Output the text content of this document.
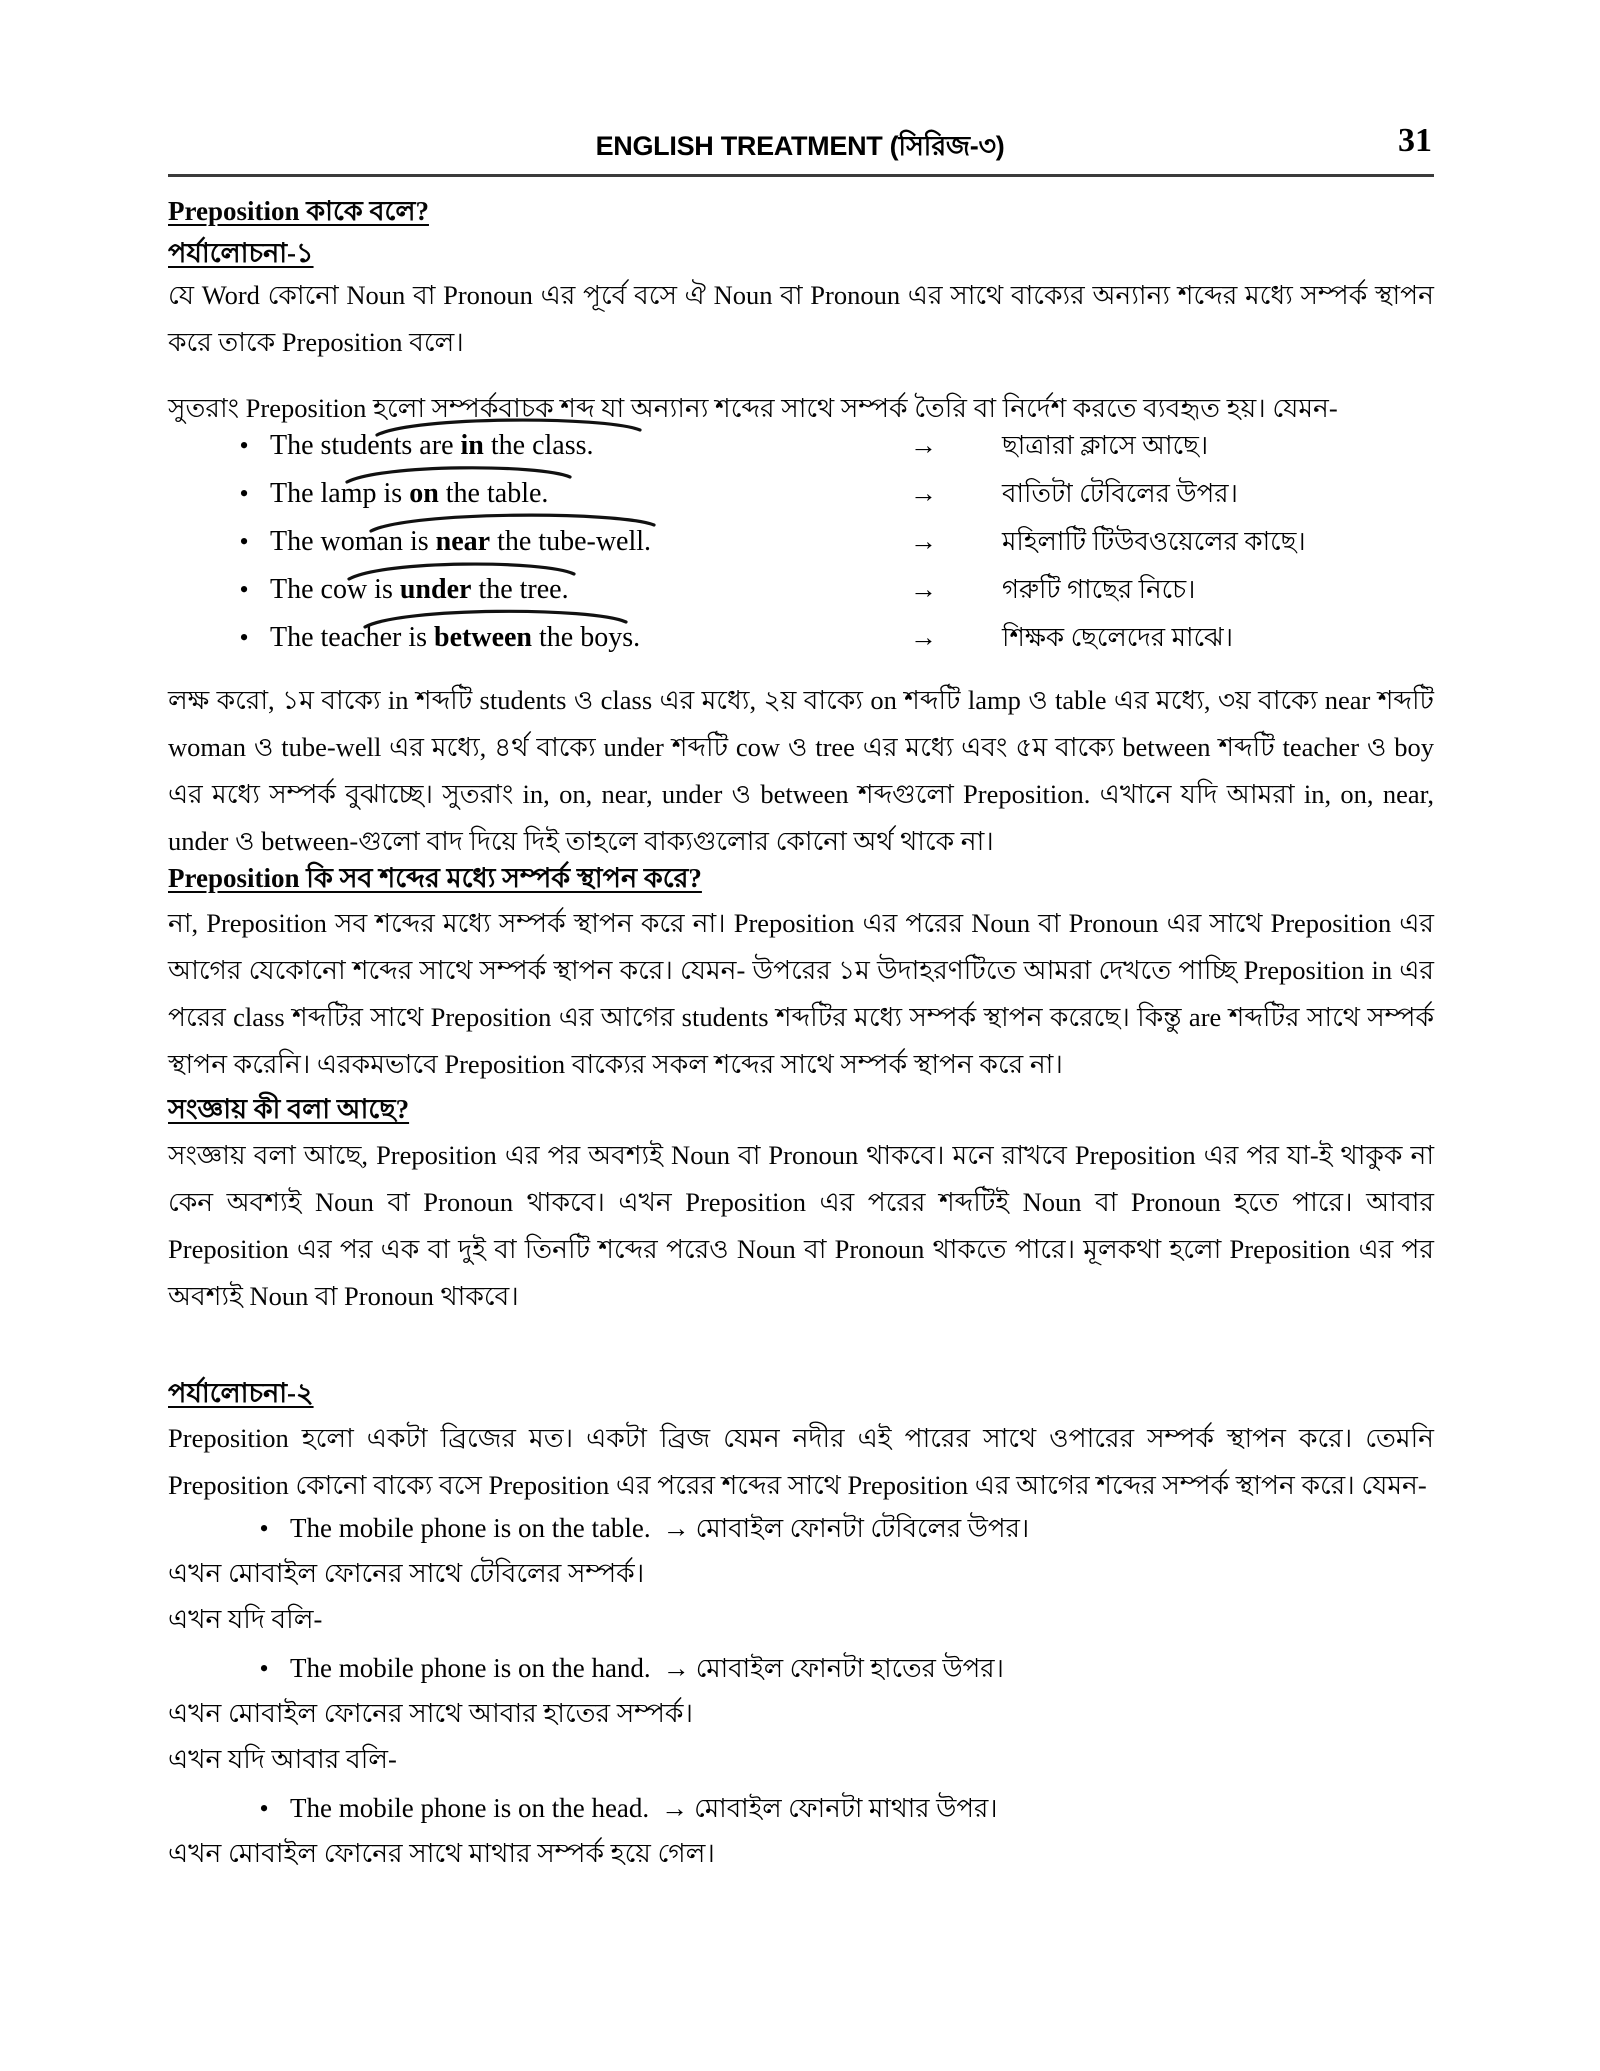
ENGLISH TREATMENT (সিরিজ-৩)	31
Preposition কাকে বলে?
পর্যালোচনা-১
যে Word কোনো Noun বা Pronoun এর পূর্বে বসে ঐ Noun বা Pronoun এর সাথে বাক্যের অন্যান্য শব্দের মধ্যে সম্পর্ক স্থাপন করে তাকে Preposition বলে।
সুতরাং Preposition হলো সম্পর্কবাচক শব্দ যা অন্যান্য শব্দের সাথে সম্পর্ক তৈরি বা নির্দেশ করতে ব্যবহৃত হয়। যেমন-
•
The students are in the class.	→	ছাত্রারা ক্লাসে আছে।
•
The lamp is on the table.	→	বাতিটা টেবিলের উপর।
•
The woman is near the tube-well.	→	মহিলাটি টিউবওয়েলের কাছে।
•
The cow is under the tree.	→	গরুটি গাছের নিচে।
•
The teacher is between the boys.	→	শিক্ষক ছেলেদের মাঝে।
লক্ষ করো, ১ম বাক্যে in শব্দটি students ও class এর মধ্যে, ২য় বাক্যে on শব্দটি lamp ও table এর মধ্যে, ৩য় বাক্যে near শব্দটি woman ও tube-well এর মধ্যে, ৪র্থ বাক্যে under শব্দটি cow ও tree এর মধ্যে এবং ৫ম বাক্যে between শব্দটি teacher ও boy এর মধ্যে সম্পর্ক বুঝাচ্ছে। সুতরাং in, on, near, under ও between শব্দগুলো Preposition. এখানে যদি আমরা in, on, near, under ও between-গুলো বাদ দিয়ে দিই তাহলে বাক্যগুলোর কোনো অর্থ থাকে না।
Preposition কি সব শব্দের মধ্যে সম্পর্ক স্থাপন করে?
না, Preposition সব শব্দের মধ্যে সম্পর্ক স্থাপন করে না। Preposition এর পরের Noun বা Pronoun এর সাথে Preposition এর আগের যেকোনো শব্দের সাথে সম্পর্ক স্থাপন করে। যেমন- উপরের ১ম উদাহরণটিতে আমরা দেখতে পাচ্ছি Preposition in এর পরের class শব্দটির সাথে Preposition এর আগের students শব্দটির মধ্যে সম্পর্ক স্থাপন করেছে। কিন্তু are শব্দটির সাথে সম্পর্ক স্থাপন করেনি। এরকমভাবে Preposition বাক্যের সকল শব্দের সাথে সম্পর্ক স্থাপন করে না।
সংজ্ঞায় কী বলা আছে?
সংজ্ঞায় বলা আছে, Preposition এর পর অবশ্যই Noun বা Pronoun থাকবে। মনে রাখবে Preposition এর পর যা-ই থাকুক না কেন অবশ্যই Noun বা Pronoun থাকবে। এখন Preposition এর পরের শব্দটিই Noun বা Pronoun হতে পারে। আবার Preposition এর পর এক বা দুই বা তিনটি শব্দের পরেও Noun বা Pronoun থাকতে পারে। মূলকথা হলো Preposition এর পর অবশ্যই Noun বা Pronoun থাকবে।
পর্যালোচনা-২
Preposition হলো একটা ব্রিজের মত। একটা ব্রিজ যেমন নদীর এই পারের সাথে ওপারের সম্পর্ক স্থাপন করে। তেমনি Preposition কোনো বাক্যে বসে Preposition এর পরের শব্দের সাথে Preposition এর আগের শব্দের সম্পর্ক স্থাপন করে। যেমন-
•
The mobile phone is on the table. → মোবাইল ফোনটা টেবিলের উপর।
এখন মোবাইল ফোনের সাথে টেবিলের সম্পর্ক।
এখন যদি বলি-
•
The mobile phone is on the hand. → মোবাইল ফোনটা হাতের উপর।
এখন মোবাইল ফোনের সাথে আবার হাতের সম্পর্ক।
এখন যদি আবার বলি-
•
The mobile phone is on the head. → মোবাইল ফোনটা মাথার উপর।
এখন মোবাইল ফোনের সাথে মাথার সম্পর্ক হয়ে গেল।
